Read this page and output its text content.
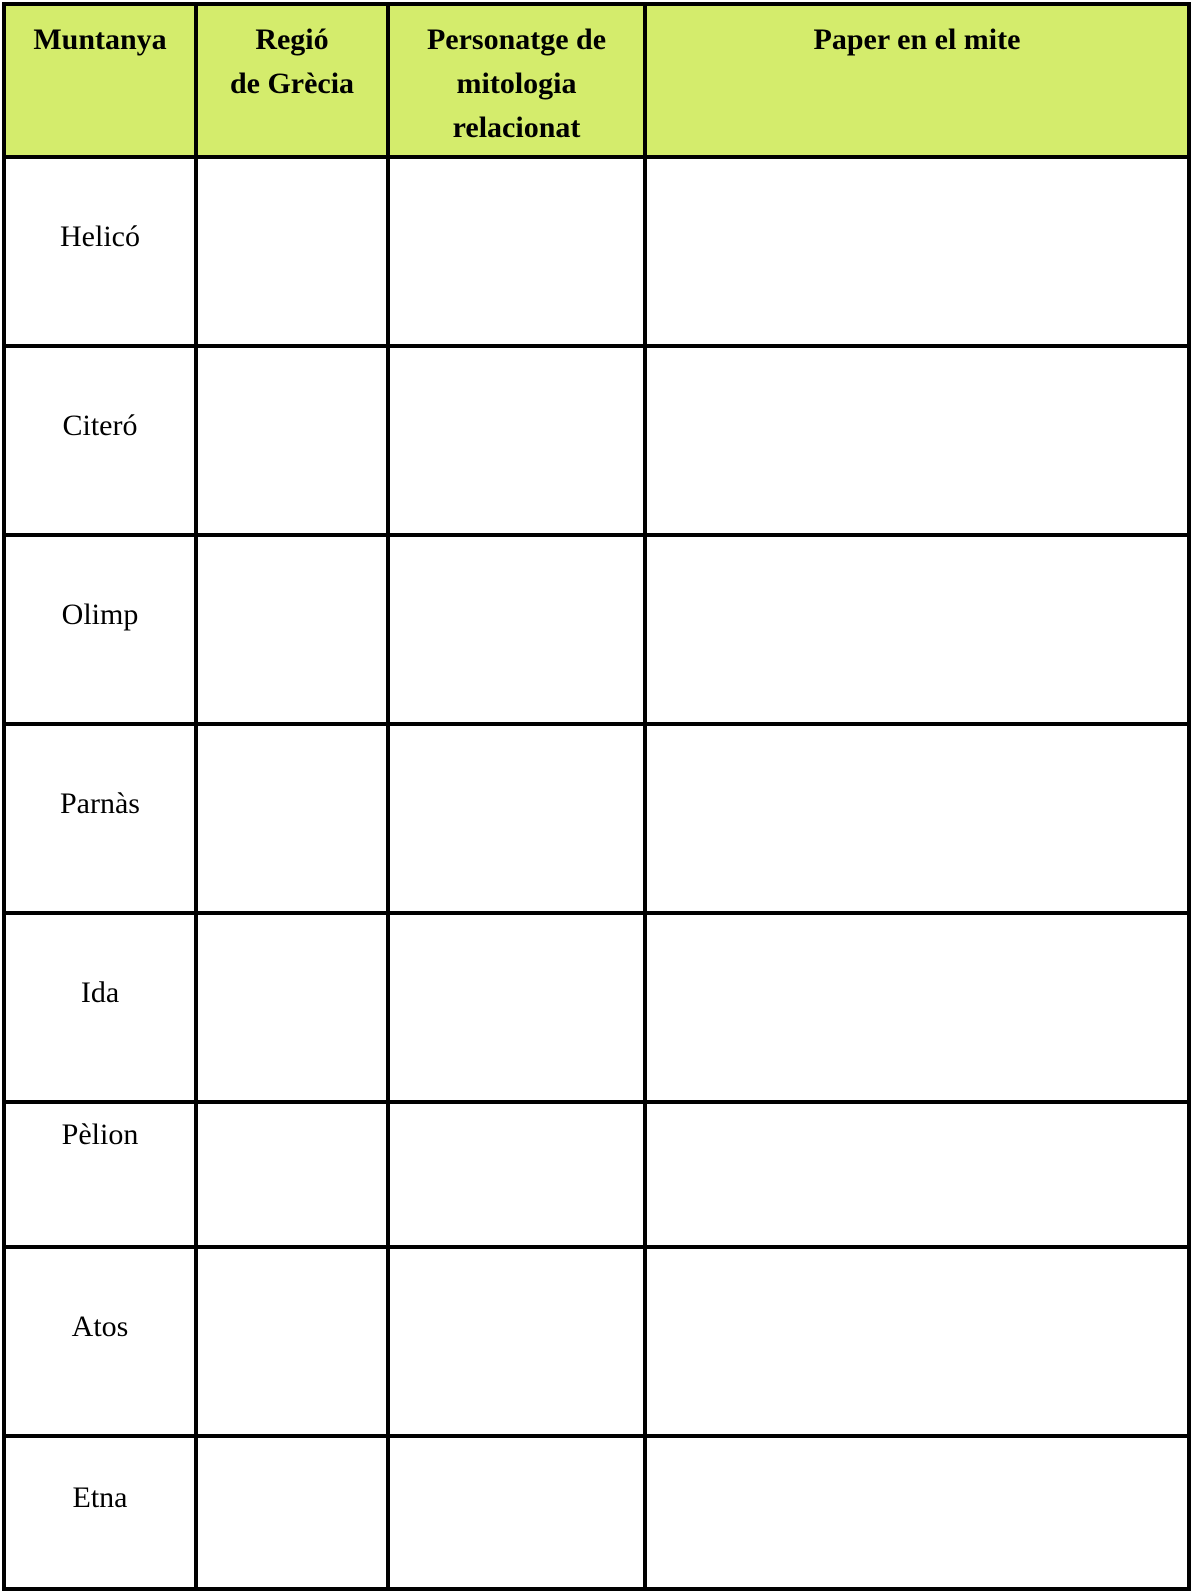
Muntanya	Regió
de Grècia
Personatge de
mitologia
relacionat
Paper en el mite
Helicó
Citeró
Olimp
Parnàs
Ida
Pèlion
Atos
Etna
